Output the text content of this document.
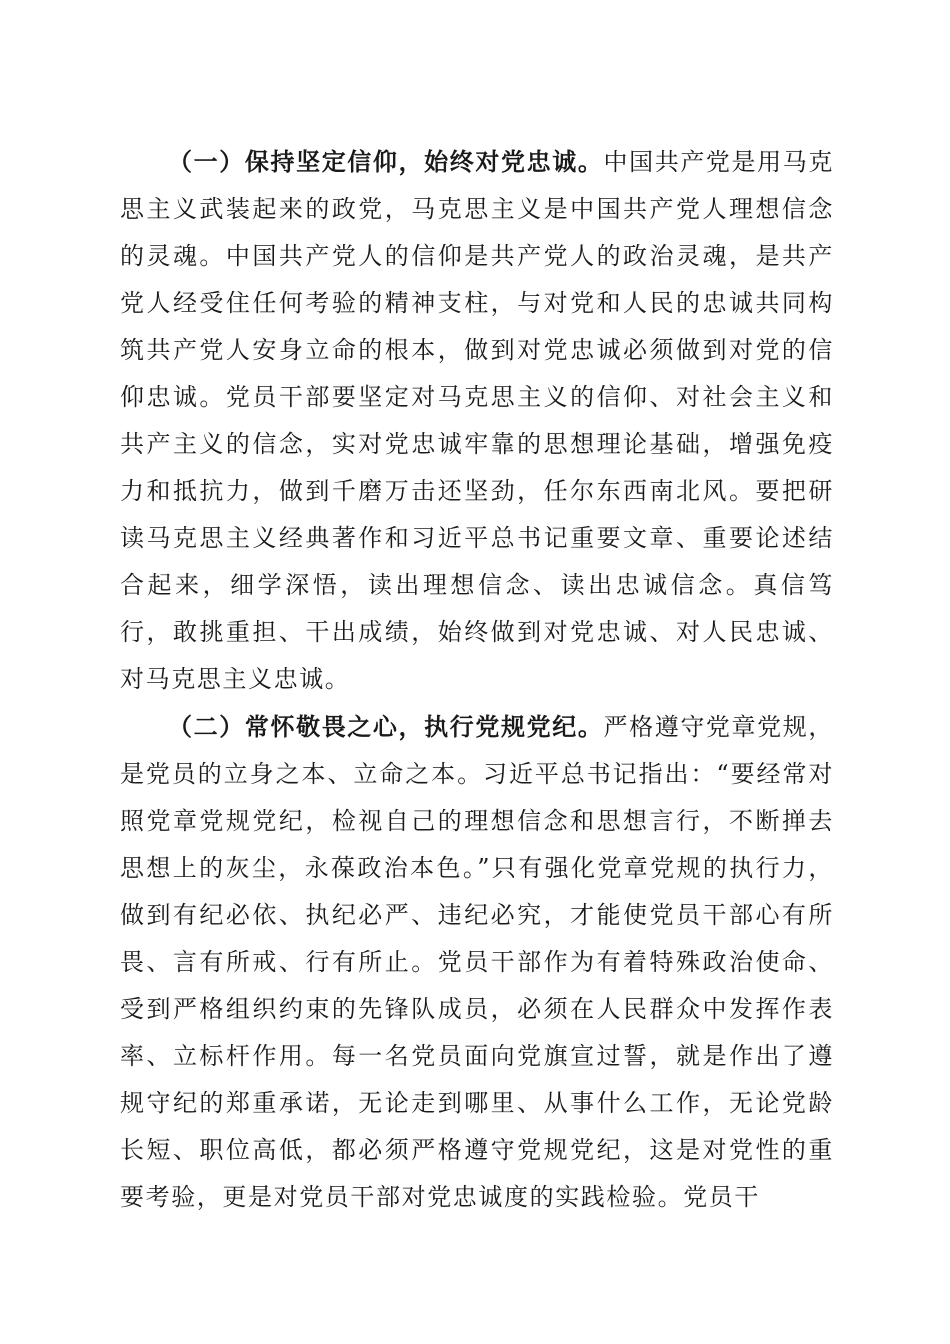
（一）保持坚定信仰，始终对党忠诚。中国共产党是用马克思主义武装起来的政党，马克思主义是中国共产党人理想信念的灵魂。中国共产党人的信仰是共产党人的政治灵魂，是共产党人经受住任何考验的精神支柱，与对党和人民的忠诚共同构筑共产党人安身立命的根本，做到对党忠诚必须做到对党的信仰忠诚。党员干部要坚定对马克思主义的信仰、对社会主义和共产主义的信念，实对党忠诚牢靠的思想理论基础，增强免疫力和抵抗力，做到千磨万击还坚劲，任尔东西南北风。要把研读马克思主义经典著作和习近平总书记重要文章、重要论述结合起来，细学深悟，读出理想信念、读出忠诚信念。真信笃行，敢挑重担、干出成绩，始终做到对党忠诚、对人民忠诚、对马克思主义忠诚。

（二）常怀敬畏之心，执行党规党纪。严格遵守党章党规，是党员的立身之本、立命之本。习近平总书记指出：“要经常对照党章党规党纪，检视自己的理想信念和思想言行，不断掸去思想上的灰尘，永葆政治本色。”只有强化党章党规的执行力，做到有纪必依、执纪必严、违纪必究，才能使党员干部心有所畏、言有所戒、行有所止。党员干部作为有着特殊政治使命、受到严格组织约束的先锋队成员，必须在人民群众中发挥作表率、立标杆作用。每一名党员面向党旗宣过誓，就是作出了遵规守纪的郑重承诺，无论走到哪里、从事什么工作，无论党龄长短、职位高低，都必须严格遵守党规党纪，这是对党性的重要考验，更是对党员干部对党忠诚度的实践检验。党员干
